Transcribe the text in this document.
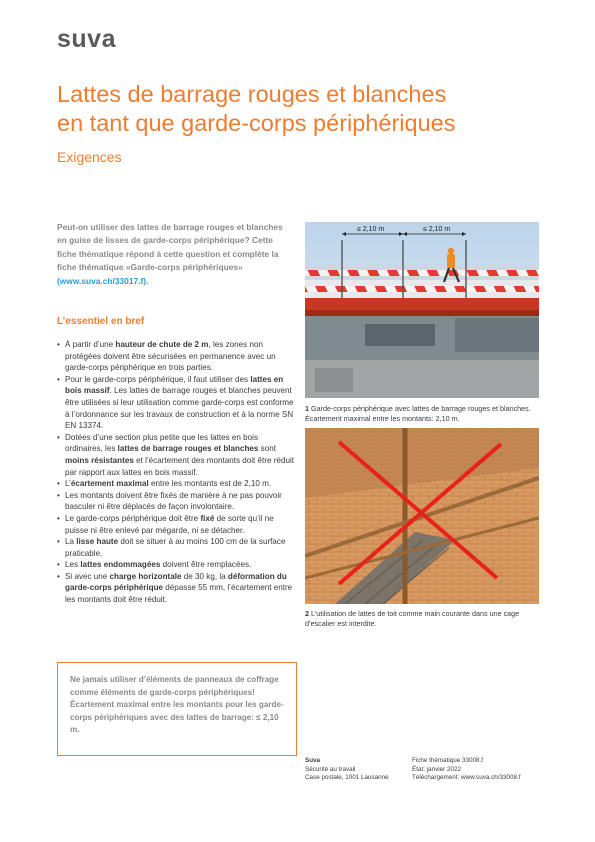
suva
Lattes de barrage rouges et blanches
en tant que garde-corps périphériques
Exigences

Peut-on utiliser des lattes de barrage rouges et blanches en guise de lisses de garde-corps périphérique? Cette fiche thématique répond à cette question et complète la fiche thématique «Garde-corps périphériques» (www.suva.ch/33017.f).

L’essentiel en bref
• À partir d’une hauteur de chute de 2 m, les zones non protégées doivent être sécurisées en permanence avec un garde-corps périphérique en trois parties.
• Pour le garde-corps périphérique, il faut utiliser des lattes en bois massif. Les lattes de barrage rouges et blanches peuvent être utilisées si leur utilisation comme garde-corps est conforme à l’ordonnance sur les travaux de construction et à la norme SN EN 13374.
• Dotées d’une section plus petite que les lattes en bois ordinaires, les lattes de barrage rouges et blanches sont moins résistantes et l’écartement des montants doit être réduit par rapport aux lattes en bois massif.
• L’écartement maximal entre les montants est de 2,10 m.
• Les montants doivent être fixés de manière à ne pas pouvoir basculer ni être déplacés de façon involontaire.
• Le garde-corps périphérique doit être fixé de sorte qu’il ne puisse ni être enlevé par mégarde, ni se détacher.
• La lisse haute doit se situer à au moins 100 cm de la surface praticable.
• Les lattes endommagées doivent être remplacées.
• Si avec une charge horizontale de 30 kg, la déformation du garde-corps périphérique dépasse 55 mm, l’écartement entre les montants doit être réduit.

Ne jamais utiliser d’éléments de panneaux de coffrage comme éléments de garde-corps périphériques!

Écartement maximal entre les montants pour les garde-corps périphériques avec des lattes de barrage: ≤ 2,10 m.

≤ 2,10 m	≤ 2,10 m
1 Garde-corps périphérique avec lattes de barrage rouges et blanches. Écartement maximal entre les montants: 2,10 m.
2 L’utilisation de lattes de toit comme main courante dans une cage d’escalier est interdite.
Suva
Sécurité au travail
Case postale, 1001 Lausanne
Fiche thématique 33008.f
État: janvier 2022
Téléchargement: www.suva.ch/33008.f
